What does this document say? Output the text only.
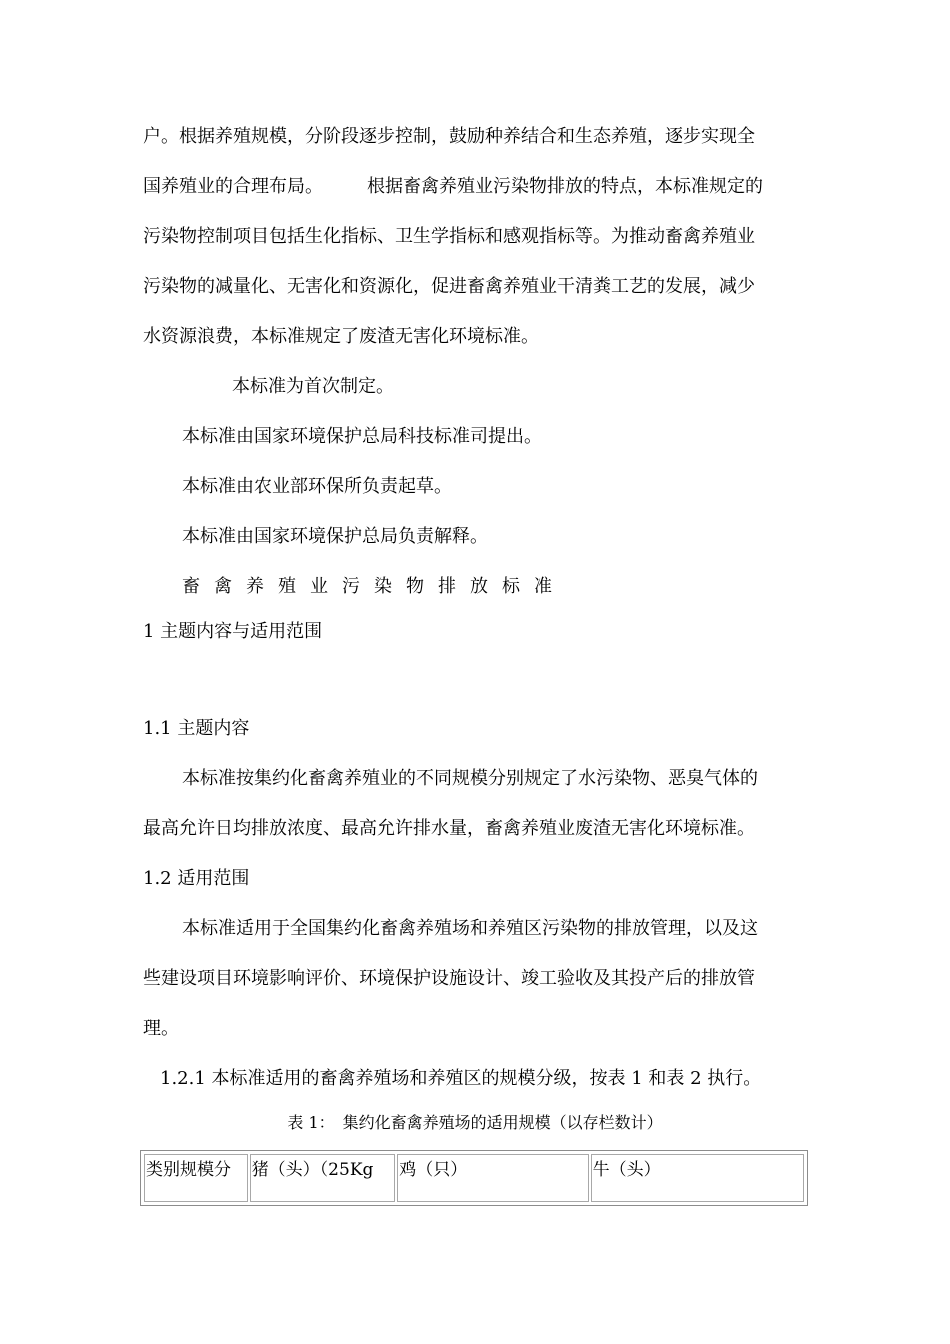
户。根据养殖规模，分阶段逐步控制，鼓励种养结合和生态养殖，逐步实现全
国养殖业的合理布局。 根据畜禽养殖业污染物排放的特点，本标准规定的
污染物控制项目包括生化指标、卫生学指标和感观指标等。为推动畜禽养殖业
污染物的减量化、无害化和资源化，促进畜禽养殖业干清粪工艺的发展，减少
水资源浪费，本标准规定了废渣无害化环境标准。
本标准为首次制定。
本标准由国家环境保护总局科技标准司提出。
本标准由农业部环保所负责起草。
本标准由国家环境保护总局负责解释。
畜禽养殖业污染物排放标准
1 主题内容与适用范围
1.1 主题内容
本标准按集约化畜禽养殖业的不同规模分别规定了水污染物、恶臭气体的
最高允许日均排放浓度、最高允许排水量，畜禽养殖业废渣无害化环境标准。
1.2 适用范围
本标准适用于全国集约化畜禽养殖场和养殖区污染物的排放管理，以及这
些建设项目环境影响评价、环境保护设施设计、竣工验收及其投产后的排放管
理。
1.2.1 本标准适用的畜禽养殖场和养殖区的规模分级，按表 1 和表 2 执行。
表 1：　集约化畜禽养殖场的适用规模（以存栏数计）
类别规模分	猪（头）（25Kg	鸡（只）	牛（头）
